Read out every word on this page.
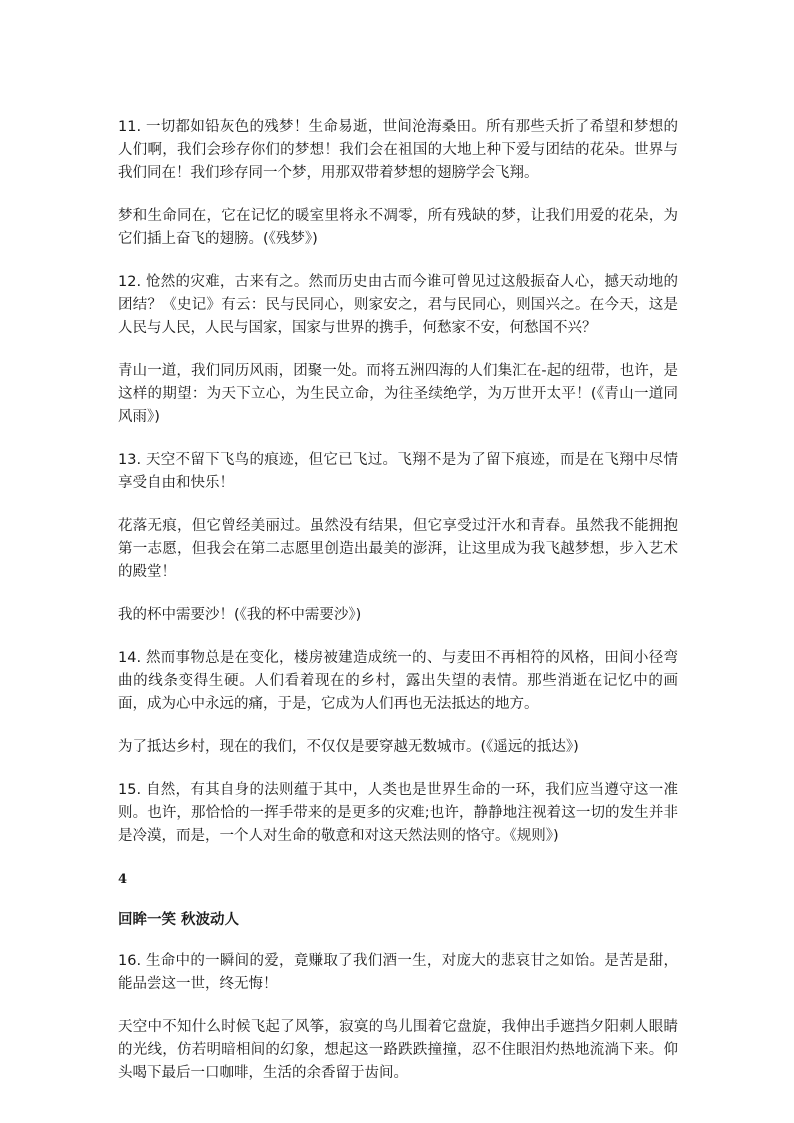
11. 一切都如铅灰色的残梦！生命易逝，世间沧海桑田。所有那些夭折了希望和梦想的人们啊，我们会珍存你们的梦想！我们会在祖国的大地上种下爱与团结的花朵。世界与我们同在！我们珍存同一个梦，用那双带着梦想的翅膀学会飞翔。

梦和生命同在，它在记忆的暖室里将永不凋零，所有残缺的梦，让我们用爱的花朵，为它们插上奋飞的翅膀。(《残梦》)

12. 怆然的灾难，古来有之。然而历史由古而今谁可曾见过这般振奋人心，撼天动地的团结？《史记》有云：民与民同心，则家安之，君与民同心，则国兴之。在今天，这是人民与人民，人民与国家，国家与世界的携手，何愁家不安，何愁国不兴？

青山一道，我们同历风雨，团聚一处。而将五洲四海的人们集汇在-起的纽带，也许，是这样的期望：为天下立心，为生民立命，为往圣续绝学，为万世开太平！(《青山一道同风雨》)

13. 天空不留下飞鸟的痕迹，但它已飞过。飞翔不是为了留下痕迹，而是在飞翔中尽情享受自由和快乐！

花落无痕，但它曾经美丽过。虽然没有结果，但它享受过汗水和青春。虽然我不能拥抱第一志愿，但我会在第二志愿里创造出最美的澎湃，让这里成为我飞越梦想，步入艺术的殿堂！

我的杯中需要沙！(《我的杯中需要沙》)

14. 然而事物总是在变化，楼房被建造成统一的、与麦田不再相符的风格，田间小径弯曲的线条变得生硬。人们看着现在的乡村，露出失望的表情。那些消逝在记忆中的画面，成为心中永远的痛，于是，它成为人们再也无法抵达的地方。

为了抵达乡村，现在的我们，不仅仅是要穿越无数城市。(《遥远的抵达》)

15. 自然，有其自身的法则蕴于其中，人类也是世界生命的一环，我们应当遵守这一准则。也许，那恰恰的一挥手带来的是更多的灾难;也许，静静地注视着这一切的发生并非是冷漠，而是，一个人对生命的敬意和对这天然法则的恪守。《规则》)

4
回眸一笑 秋波动人

16. 生命中的一瞬间的爱，竟赚取了我们酒一生，对庞大的悲哀甘之如饴。是苦是甜，能品尝这一世，终无悔！

天空中不知什么时候飞起了风筝，寂寞的鸟儿围着它盘旋，我伸出手遮挡夕阳刺人眼睛的光线，仿若明暗相间的幻象，想起这一路跌跌撞撞，忍不住眼泪灼热地流淌下来。仰头喝下最后一口咖啡，生活的余香留于齿间。
